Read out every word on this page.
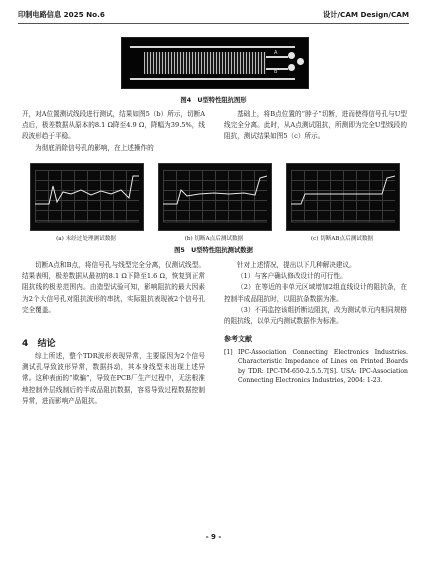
印制电路信息 2025 No.6	设计/CAM Design/CAM
A
B
图4　U型特性阻抗图形

开，对A位置测试线段进行测试，结果如图5（b）所示，切断A点后，极差数据从原本的8.1 Ω降至4.9 Ω，降幅为39.5%，线段波形趋于平稳。

为彻底消除信号孔的影响，在上述操作的

基础上，将B点位置的“脖子”切断，进而使得信号孔与U型线完全分离。此时，从A点测试阻抗，所测即为完全U型线段的阻抗，测试结果如图5（c）所示。

(a) 未经过处理测试数据	(b) 切断A点后测试数据	(c) 切断AB点后测试数据
图5　U型特性阻抗测试数据

切断A点和B点，将信号孔与线型完全分离，仅测试线型。结果表明，极差数据从最初的8.1 Ω下降至1.6 Ω，恢复到正常阻抗线的极差范围内。由造型试验可知，影响阻抗的最大因素为2个大信号孔对阻抗波形的串扰，实际阻抗表现被2个信号孔完全覆盖。

4 结论

综上所述，整个TDR波形表现异常，主要原因为2个信号测试孔导致波形异常，数据抖动，其本身线型未出现上述异常。这种表面的“欺骗”，导致在PCB厂生产过程中，无法根准地控制外层线制后的半成品阻抗数据，容易导致过程数据控制异常，进而影响产品阻抗。

针对上述情况，提出以下几种解决建议。

（1）与客户确认修改设计的可行性。

（2）在等近的非单元区域增加2组直线设计的阻抗条，在控制半成品阻抗时，以阻抗条数据为准。

（3）不再监控该组折断边阻抗，改为测试单元内相同规格的阻抗线，以单元内测试数据作为标准。

参考文献
[1] IPC-Association Connecting Electronics Industries. Characteristic Impedance of Lines on Printed Boards by TDR: IPC-TM-650-2.5.5.7[S]. USA: IPC-Association Connecting Electronics Industries, 2004: 1-23.
- 9 -
